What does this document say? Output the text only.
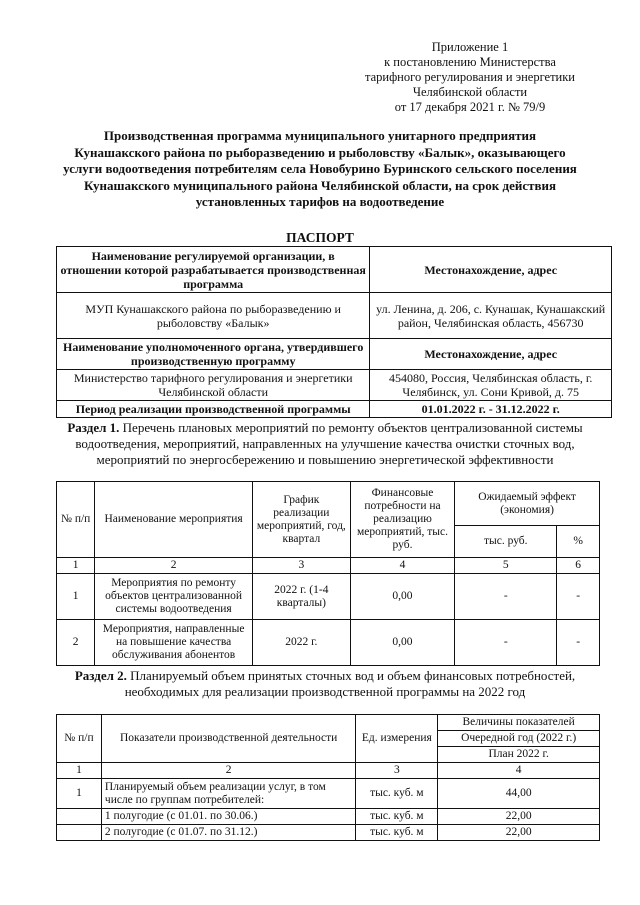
Приложение 1
к постановлению Министерства
тарифного регулирования и энергетики
Челябинской области
от 17 декабря 2021 г. № 79/9
Производственная программа муниципального унитарного предприятия Кунашакского района по рыборазведению и рыболовству «Балык», оказывающего услуги водоотведения потребителям села Новобурино Буринского сельского поселения Кунашакского муниципального района Челябинской области, на срок действия установленных тарифов на водоотведение
ПАСПОРТ
Наименование регулируемой организации, в отношении которой разрабатывается производственная программа	Местонахождение, адрес
МУП Кунашакского района по рыборазведению и рыболовству «Балык»	ул. Ленина, д. 206, с. Кунашак, Кунашакский район, Челябинская область, 456730
Наименование уполномоченного органа, утвердившего производственную программу	Местонахождение, адрес
Министерство тарифного регулирования и энергетики Челябинской области	454080, Россия, Челябинская область, г. Челябинск, ул. Сони Кривой, д. 75
Период реализации производственной программы	01.01.2022 г. - 31.12.2022 г.
Раздел 1. Перечень плановых мероприятий по ремонту объектов централизованной системы водоотведения, мероприятий, направленных на улучшение качества очистки сточных вод, мероприятий по энергосбережению и повышению энергетической эффективности
№ п/п	Наименование мероприятия	График реализации мероприятий, год, квартал	Финансовые потребности на реализацию мероприятий, тыс. руб.	Ожидаемый эффект (экономия)	
				тыс. руб.	%
1	2	3	4	5	6
1	Мероприятия по ремонту объектов централизованной системы водоотведения	2022 г. (1-4 кварталы)	0,00	-	-
2	Мероприятия, направленные на повышение качества обслуживания абонентов	2022 г.	0,00	-	-
Раздел 2. Планируемый объем принятых сточных вод и объем финансовых потребностей, необходимых для реализации производственной программы на 2022 год
№ п/п	Показатели производственной деятельности	Ед. измерения	Величины показателей
			Очередной год (2022 г.)
			План 2022 г.
1	2	3	4
1	Планируемый объем реализации услуг, в том числе по группам потребителей:	тыс. куб. м	44,00
	1 полугодие (с 01.01. по 30.06.)	тыс. куб. м	22,00
	2 полугодие (с 01.07. по 31.12.)	тыс. куб. м	22,00
